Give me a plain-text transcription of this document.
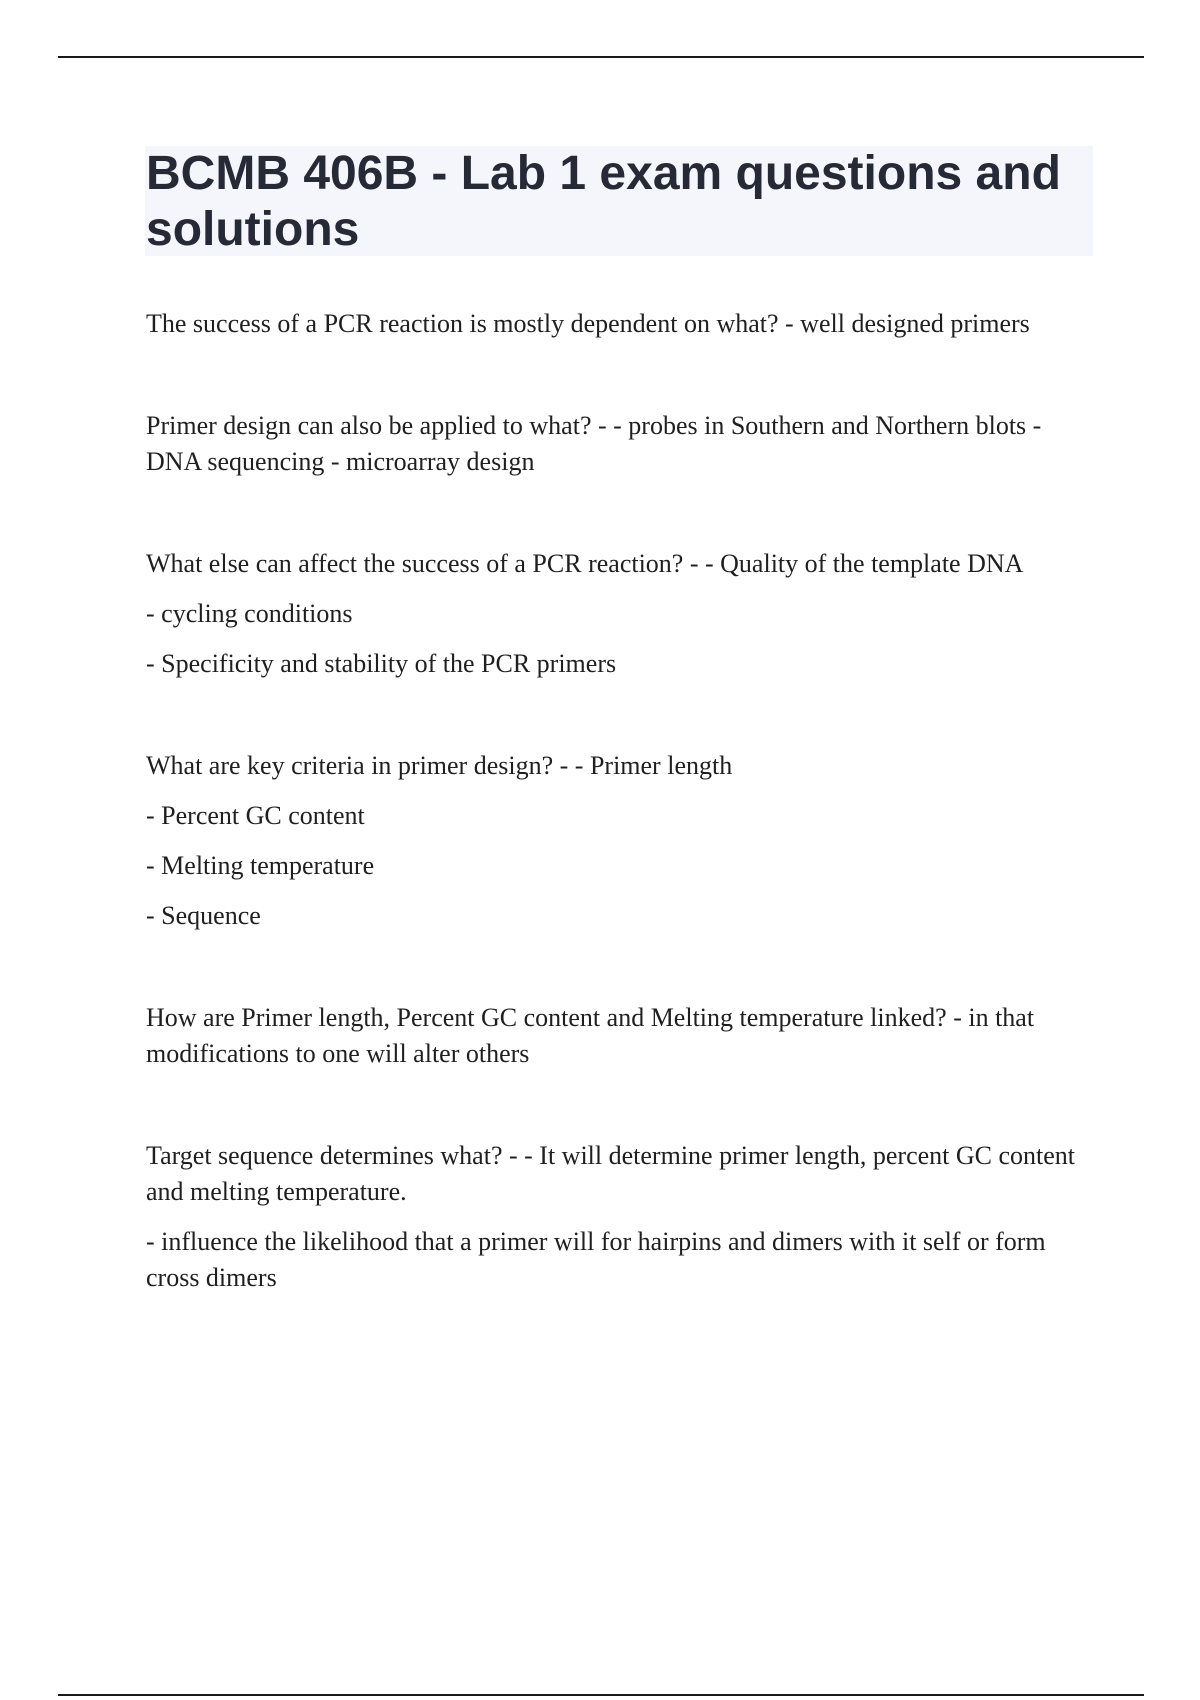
BCMB 406B - Lab 1 exam questions and solutions

The success of a PCR reaction is mostly dependent on what? - well designed primers

Primer design can also be applied to what? - - probes in Southern and Northern blots - DNA sequencing - microarray design

What else can affect the success of a PCR reaction? - - Quality of the template DNA

- cycling conditions

- Specificity and stability of the PCR primers

What are key criteria in primer design? - - Primer length

- Percent GC content

- Melting temperature

- Sequence

How are Primer length, Percent GC content and Melting temperature linked? - in that modifications to one will alter others

Target sequence determines what? - - It will determine primer length, percent GC content and melting temperature.

- influence the likelihood that a primer will for hairpins and dimers with it self or form cross dimers
